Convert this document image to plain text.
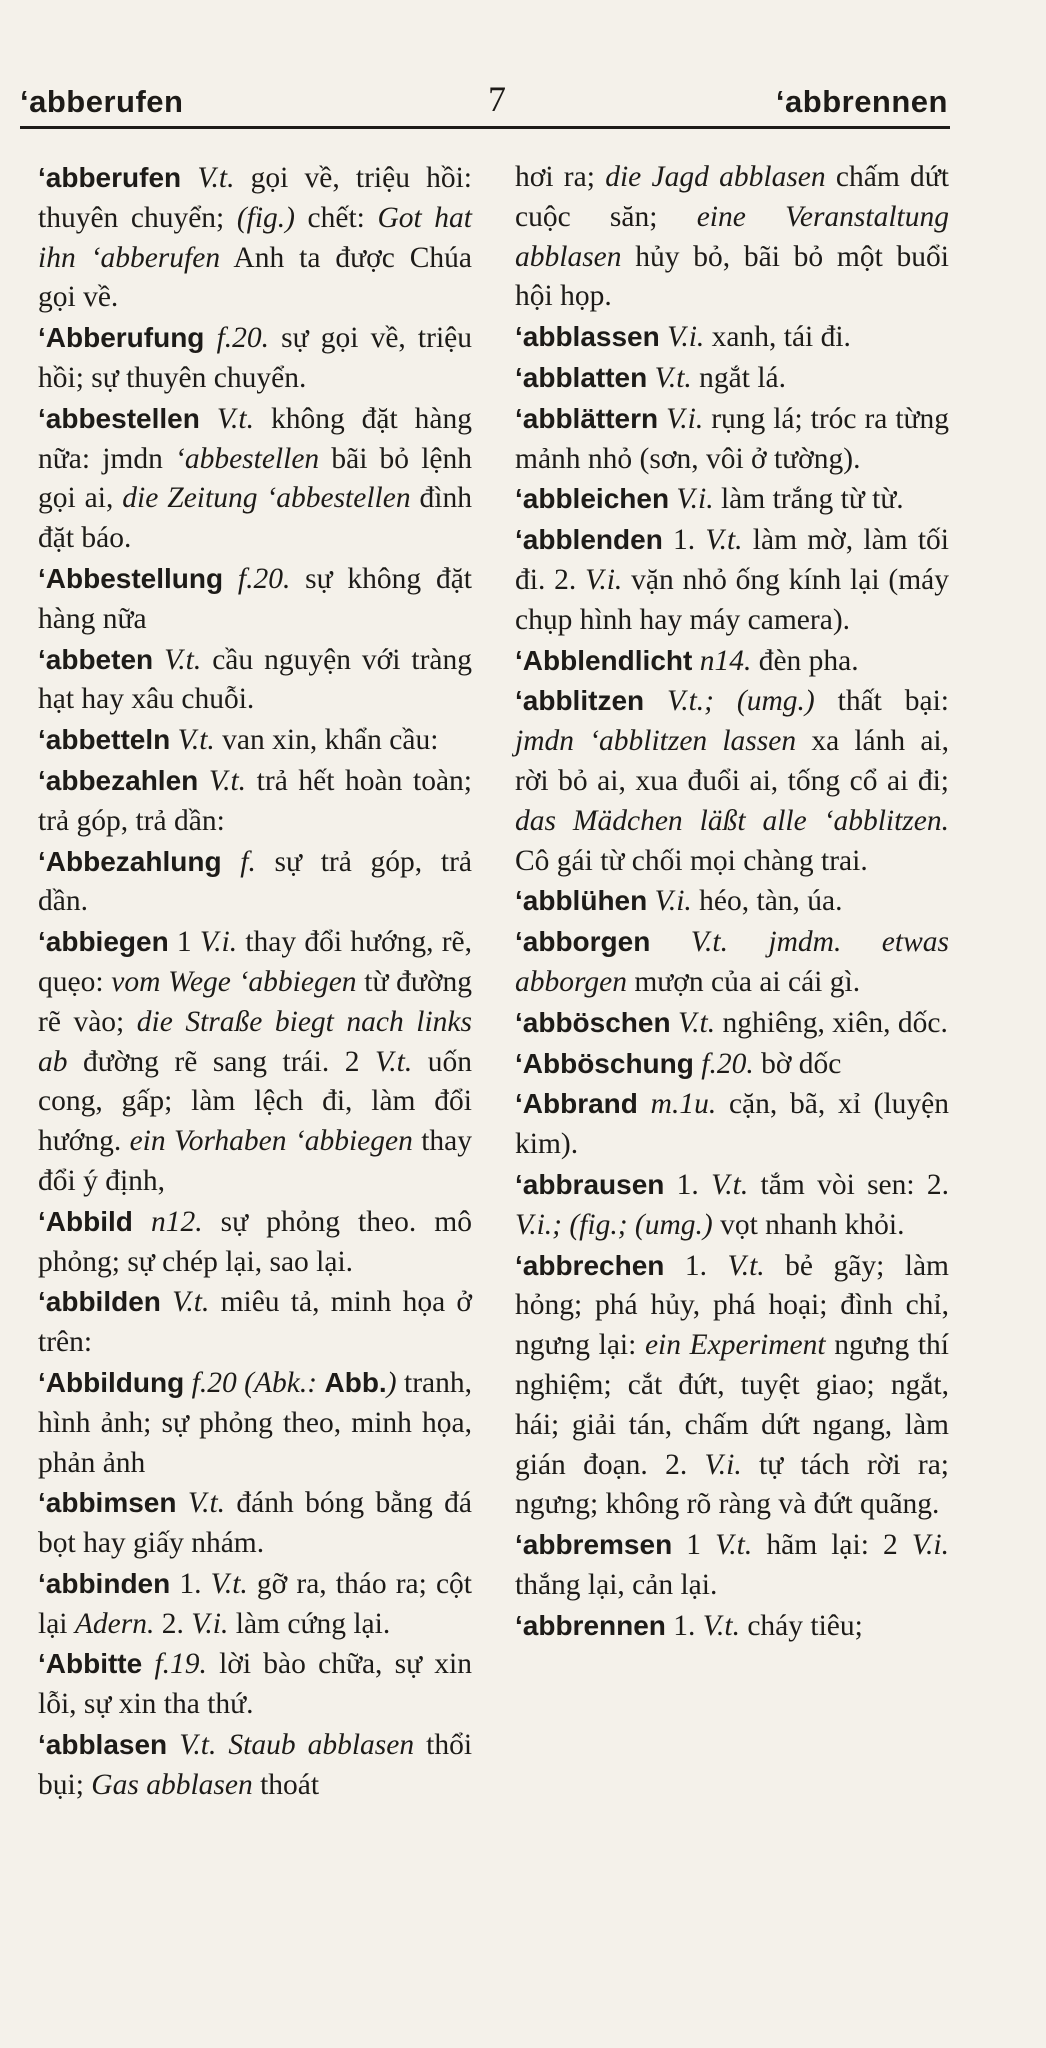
‘abberufen	7	‘abbrennen

‘abberufen V.t. gọi về, triệu hồi: thuyên chuyển; (fig.) chết: Got hat ihn ‘abberufen Anh ta được Chúa gọi về.

‘Abberufung f.20. sự gọi về, triệu hồi; sự thuyên chuyển.

‘abbestellen V.t. không đặt hàng nữa: jmdn ‘abbestellen bãi bỏ lệnh gọi ai, die Zeitung ‘abbestellen đình đặt báo.

‘Abbestellung f.20. sự không đặt hàng nữa

‘abbeten V.t. cầu nguyện với tràng hạt hay xâu chuỗi.

‘abbetteln V.t. van xin, khẩn cầu:

‘abbezahlen V.t. trả hết hoàn toàn; trả góp, trả dần:

‘Abbezahlung f. sự trả góp, trả dần.

‘abbiegen 1 V.i. thay đổi hướng, rẽ, quẹo: vom Wege ‘abbiegen từ đường rẽ vào; die Straße biegt nach links ab đường rẽ sang trái. 2 V.t. uốn cong, gấp; làm lệch đi, làm đổi hướng. ein Vorhaben ‘abbiegen thay đổi ý định,

‘Abbild n12. sự phỏng theo. mô phỏng; sự chép lại, sao lại.

‘abbilden V.t. miêu tả, minh họa ở trên:

‘Abbildung f.20 (Abk.: Abb.) tranh, hình ảnh; sự phỏng theo, minh họa, phản ảnh

‘abbimsen V.t. đánh bóng bằng đá bọt hay giấy nhám.

‘abbinden 1. V.t. gỡ ra, tháo ra; cột lại Adern. 2. V.i. làm cứng lại.

‘Abbitte f.19. lời bào chữa, sự xin lỗi, sự xin tha thứ.

‘abblasen V.t. Staub abblasen thổi bụi; Gas abblasen thoát

hơi ra; die Jagd abblasen chấm dứt cuộc săn; eine Veranstaltung abblasen hủy bỏ, bãi bỏ một buổi hội họp.

‘abblassen V.i. xanh, tái đi.

‘abblatten V.t. ngắt lá.

‘abblättern V.i. rụng lá; tróc ra từng mảnh nhỏ (sơn, vôi ở tường).

‘abbleichen V.i. làm trắng từ từ.

‘abblenden 1. V.t. làm mờ, làm tối đi. 2. V.i. vặn nhỏ ống kính lại (máy chụp hình hay máy camera).

‘Abblendlicht n14. đèn pha.

‘abblitzen V.t.; (umg.) thất bại: jmdn ‘abblitzen lassen xa lánh ai, rời bỏ ai, xua đuổi ai, tống cổ ai đi; das Mädchen läßt alle ‘abblitzen. Cô gái từ chối mọi chàng trai.

‘abblühen V.i. héo, tàn, úa.

‘abborgen V.t. jmdm. etwas abborgen mượn của ai cái gì.

‘abböschen V.t. nghiêng, xiên, dốc.

‘Abböschung f.20. bờ dốc

‘Abbrand m.1u. cặn, bã, xỉ (luyện kim).

‘abbrausen 1. V.t. tắm vòi sen: 2. V.i.; (fig.; (umg.) vọt nhanh khỏi.

‘abbrechen 1. V.t. bẻ gãy; làm hỏng; phá hủy, phá hoại; đình chỉ, ngưng lại: ein Experiment ngưng thí nghiệm; cắt đứt, tuyệt giao; ngắt, hái; giải tán, chấm dứt ngang, làm gián đoạn. 2. V.i. tự tách rời ra; ngưng; không rõ ràng và đứt quãng.

‘abbremsen 1 V.t. hãm lại: 2 V.i. thắng lại, cản lại.

‘abbrennen 1. V.t. cháy tiêu;
